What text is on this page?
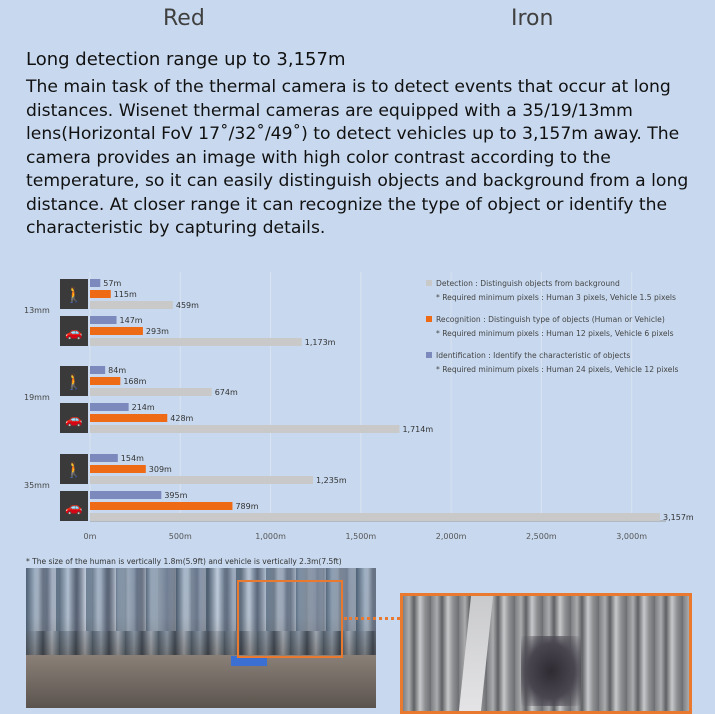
Red	Iron
Long detection range up to 3,157m

The main task of the thermal camera is to detect events that occur at long distances. Wisenet thermal cameras are equipped with a 35/19/13mm lens(Horizontal FoV 17˚/32˚/49˚) to detect vehicles up to 3,157m away. The camera provides an image with high color contrast according to the temperature, so it can easily distinguish objects and background from a long distance. At closer range it can recognize the type of object or identify the characteristic by capturing details.

0m	500m	1,000m	1,500m	2,000m	2,500m	3,000m
13mm
🚶
57m
115m
459m
🚗
147m
293m
1,173m
19mm
🚶
84m
168m
674m
🚗
214m
428m
1,714m
35mm
🚶
154m
309m
1,235m
🚗
395m
789m
3,157m
Detection : Distinguish objects from background
* Required minimum pixels : Human 3 pixels, Vehicle 1.5 pixels
Recognition : Distinguish type of objects (Human or Vehicle)
* Required minimum pixels : Human 12 pixels, Vehicle 6 pixels
Identification : Identify the characteristic of objects
* Required minimum pixels : Human 24 pixels, Vehicle 12 pixels
* The size of the human is vertically 1.8m(5.9ft) and vehicle is vertically 2.3m(7.5ft)
